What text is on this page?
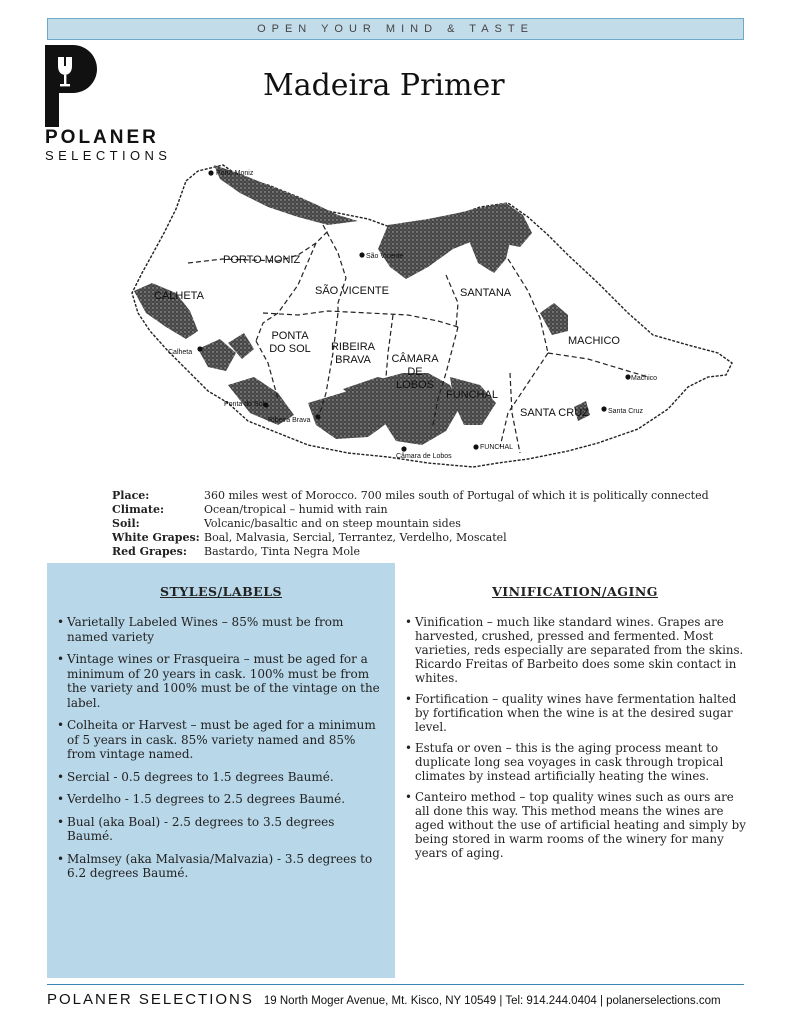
OPEN YOUR MIND & TASTE
POLANER
SELECTIONS
Madeira Primer
PORTO MONIZ
CALHETA	SÃO VICENTE	SANTANA
PONTA DO SOL RIBEIRA BRAVA	CÂMARA DE LOBOS
FUNCHAL
MACHICO
SANTA CRUZ
Porto Moniz
São Vicente
Calheta
Ponta do Sol
Ribeira Brava
Câmara de Lobos
FUNCHAL
Santa Cruz
Machico
Place:	360 miles west of Morocco. 700 miles south of Portugal of which it is politically connected
Climate:	Ocean/tropical – humid with rain
Soil:	Volcanic/basaltic and on steep mountain sides
White Grapes: Boal, Malvasia, Sercial, Terrantez, Verdelho, Moscatel
Red Grapes:	Bastardo, Tinta Negra Mole
STYLES/LABELS
• Varietally Labeled Wines – 85% must be from named variety
• Vintage wines or Frasqueira – must be aged for a minimum of 20 years in cask. 100% must be from the variety and 100% must be of the vintage on the label.
• Colheita or Harvest – must be aged for a minimum of 5 years in cask. 85% variety named and 85% from vintage named.
• Sercial - 0.5 degrees to 1.5 degrees Baumé.
• Verdelho - 1.5 degrees to 2.5 degrees Baumé.
• Bual (aka Boal) - 2.5 degrees to 3.5 degrees Baumé.
• Malmsey (aka Malvasia/Malvazia) - 3.5 degrees to 6.2 degrees Baumé.
VINIFICATION/AGING
• Vinification – much like standard wines. Grapes are harvested, crushed, pressed and fermented. Most varieties, reds especially are separated from the skins. Ricardo Freitas of Barbeito does some skin contact in whites.
• Fortification – quality wines have fermentation halted by fortification when the wine is at the desired sugar level.
• Estufa or oven – this is the aging process meant to duplicate long sea voyages in cask through tropical climates by instead artificially heating the wines.
• Canteiro method – top quality wines such as ours are all done this way. This method means the wines are aged without the use of artificial heating and simply by being stored in warm rooms of the winery for many years of aging.
POLANER SELECTIONS 19 North Moger Avenue, Mt. Kisco, NY 10549 | Tel: 914.244.0404 | polanerselections.com
